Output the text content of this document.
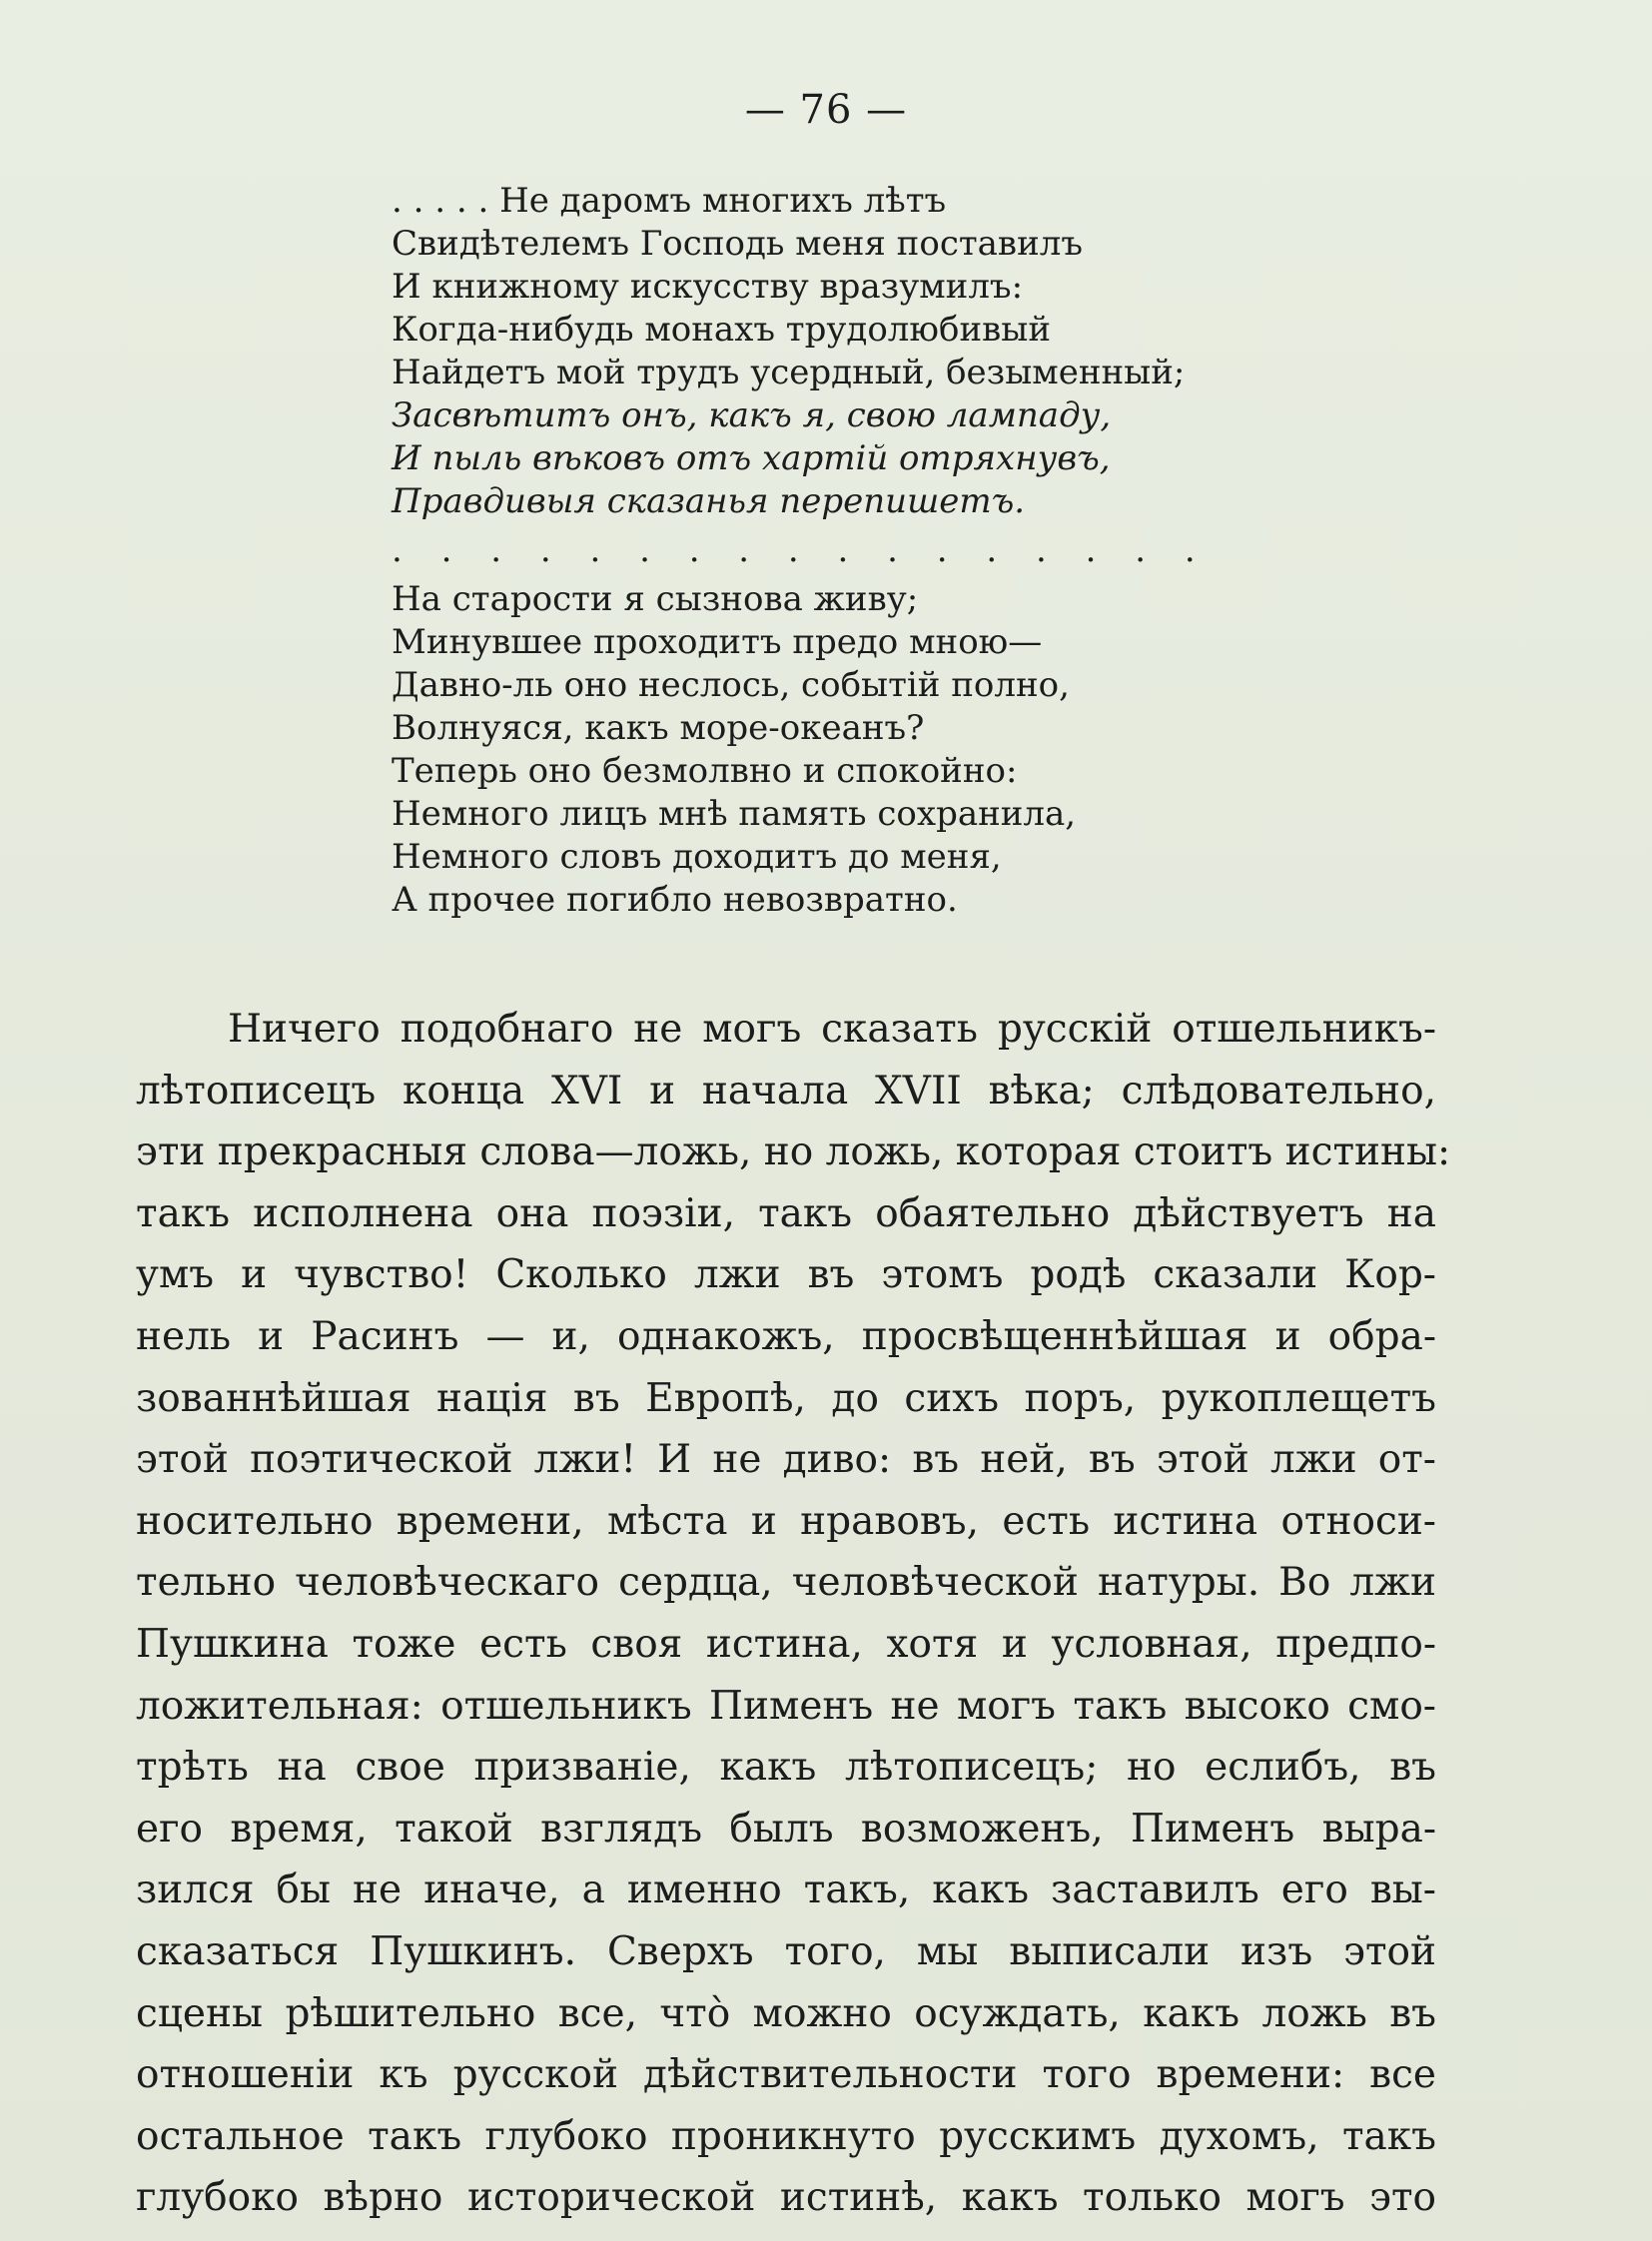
— 76 —
. . . . . Не даромъ многихъ лѣтъ
Свидѣтелемъ Господь меня поставилъ
И книжному искусству вразумилъ:
Когда-нибудь монахъ трудолюбивый
Найдетъ мой трудъ усердный, безыменный;
Засвѣтитъ онъ, какъ я, свою лампаду,
И пыль вѣковъ отъ хартій отряхнувъ,
Правдивыя сказанья перепишетъ.
. . . . . . . . . . . . . . . . .
На старости я сызнова живу;
Минувшее проходитъ предо мною—
Давно-ль оно неслось, событій полно,
Волнуяся, какъ море-океанъ?
Теперь оно безмолвно и спокойно:
Немного лицъ мнѣ память сохранила,
Немного словъ доходитъ до меня,
А прочее погибло невозвратно.
Ничего подобнаго не могъ сказать русскій отшельникъ-
лѣтописецъ конца XVI и начала XVII вѣка; слѣдовательно,
эти прекрасныя слова—ложь, но ложь, которая стоитъ истины:
такъ исполнена она поэзіи, такъ обаятельно дѣйствуетъ на
умъ и чувство! Сколько лжи въ этомъ родѣ сказали Кор-
нель и Расинъ — и, однакожъ, просвѣщеннѣйшая и обра-
зованнѣйшая нація въ Европѣ, до сихъ поръ, рукоплещетъ
этой поэтической лжи! И не диво: въ ней, въ этой лжи от-
носительно времени, мѣста и нравовъ, есть истина относи-
тельно человѣческаго сердца, человѣческой натуры. Во лжи
Пушкина тоже есть своя истина, хотя и условная, предпо-
ложительная: отшельникъ Пименъ не могъ такъ высоко смо-
трѣть на свое призваніе, какъ лѣтописецъ; но еслибъ, въ
его время, такой взглядъ былъ возможенъ, Пименъ выра-
зился бы не иначе, а именно такъ, какъ заставилъ его вы-
сказаться Пушкинъ. Сверхъ того, мы выписали изъ этой
сцены рѣшительно все, что̀ можно осуждать, какъ ложь въ
отношеніи къ русской дѣйствительности того времени: все
остальное такъ глубоко проникнуто русскимъ духомъ, такъ
глубоко вѣрно исторической истинѣ, какъ только могъ это
